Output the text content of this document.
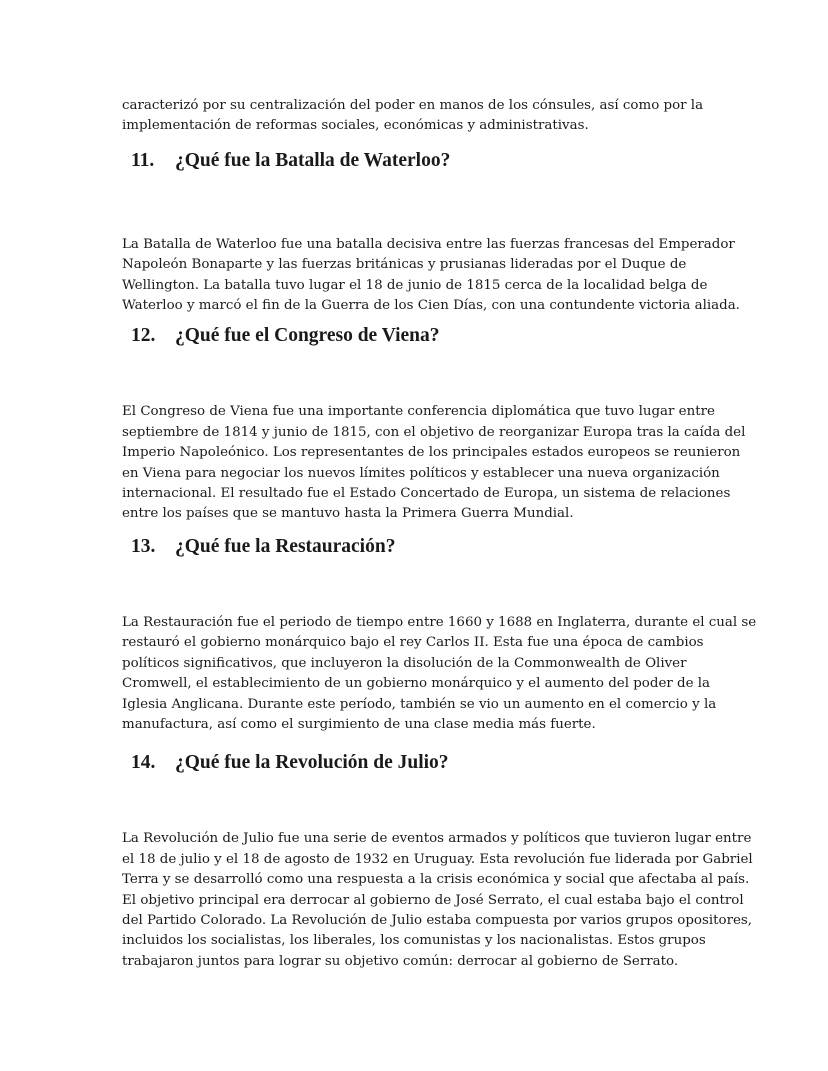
caracterizó por su centralización del poder en manos de los cónsules, así como por la
implementación de reformas sociales, económicas y administrativas.

11. ¿Qué fue la Batalla de Waterloo?

La Batalla de Waterloo fue una batalla decisiva entre las fuerzas francesas del Emperador
Napoleón Bonaparte y las fuerzas británicas y prusianas lideradas por el Duque de
Wellington. La batalla tuvo lugar el 18 de junio de 1815 cerca de la localidad belga de
Waterloo y marcó el fin de la Guerra de los Cien Días, con una contundente victoria aliada.

12. ¿Qué fue el Congreso de Viena?

El Congreso de Viena fue una importante conferencia diplomática que tuvo lugar entre
septiembre de 1814 y junio de 1815, con el objetivo de reorganizar Europa tras la caída del
Imperio Napoleónico. Los representantes de los principales estados europeos se reunieron
en Viena para negociar los nuevos límites políticos y establecer una nueva organización
internacional. El resultado fue el Estado Concertado de Europa, un sistema de relaciones
entre los países que se mantuvo hasta la Primera Guerra Mundial.

13. ¿Qué fue la Restauración?

La Restauración fue el periodo de tiempo entre 1660 y 1688 en Inglaterra, durante el cual se
restauró el gobierno monárquico bajo el rey Carlos II. Esta fue una época de cambios
políticos significativos, que incluyeron la disolución de la Commonwealth de Oliver
Cromwell, el establecimiento de un gobierno monárquico y el aumento del poder de la
Iglesia Anglicana. Durante este período, también se vio un aumento en el comercio y la
manufactura, así como el surgimiento de una clase media más fuerte.

14. ¿Qué fue la Revolución de Julio?

La Revolución de Julio fue una serie de eventos armados y políticos que tuvieron lugar entre
el 18 de julio y el 18 de agosto de 1932 en Uruguay. Esta revolución fue liderada por Gabriel
Terra y se desarrolló como una respuesta a la crisis económica y social que afectaba al país.
El objetivo principal era derrocar al gobierno de José Serrato, el cual estaba bajo el control
del Partido Colorado. La Revolución de Julio estaba compuesta por varios grupos opositores,
incluidos los socialistas, los liberales, los comunistas y los nacionalistas. Estos grupos
trabajaron juntos para lograr su objetivo común: derrocar al gobierno de Serrato.
